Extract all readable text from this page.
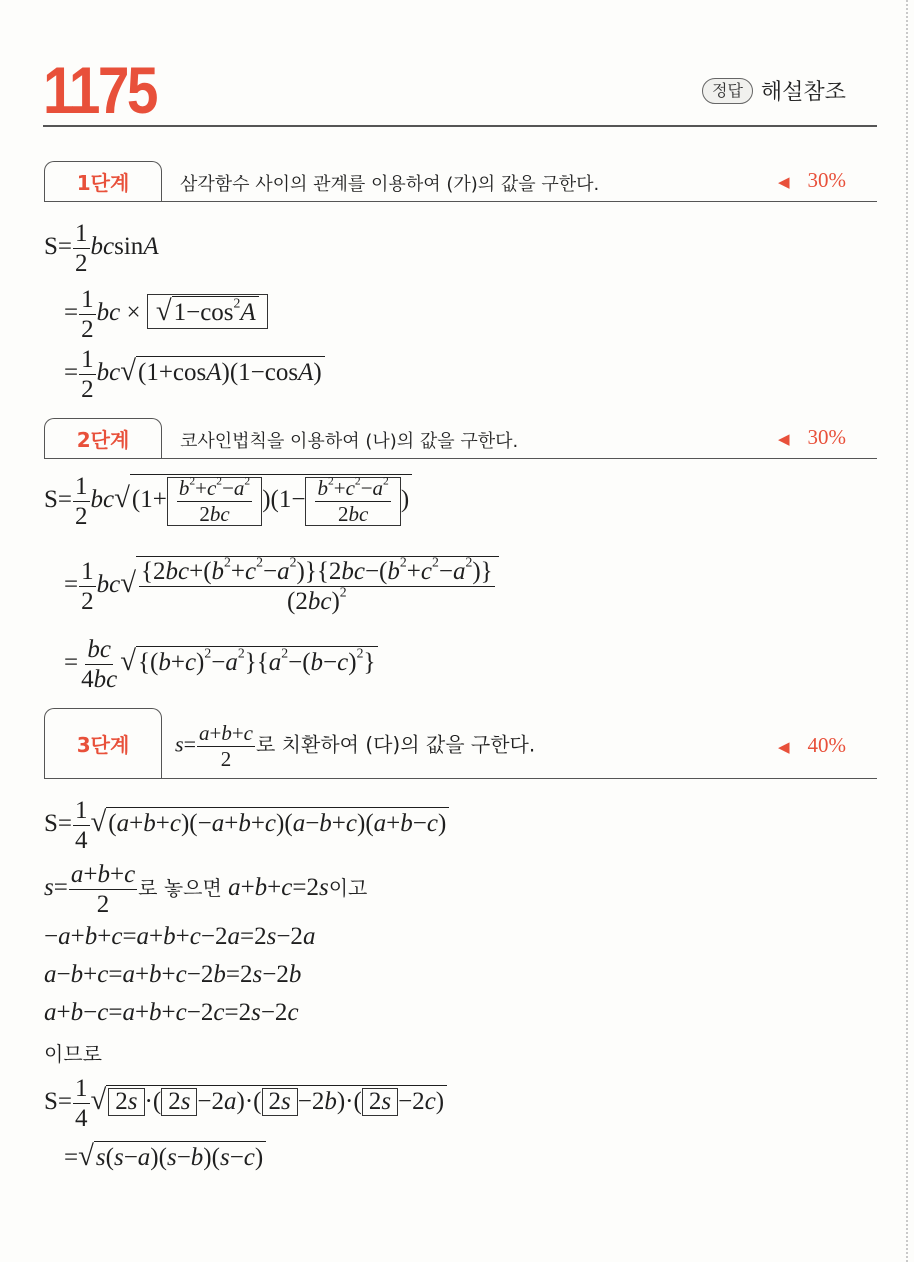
1175	정답 해설참조
1단계	삼각함수 사이의 관계를 이용하여 (가)의 값을 구한다.	◀ 30%
$S= \frac{1}{2}$ bcsinA
= $\frac{1}{2}$ bc × $√1-\cos^2A$
= $\frac{1}{2} bc√(1+\cos A)(1-\cos A)$
2단계	코사인법칙을 이용하여 (나)의 값을 구한다.	◀ 30%
$S= \frac{1}{2} bc√(1+ \frac{b^2+c^2-a^2}{2bc} )(1- \frac{b^2+c^2-a^2}{2bc}$ )
= $\frac{1}{2} bc√ \frac{\{2bc+(b^2+c^2-a^2)\}\{2bc-(b^2+c^2-a^2)\}}{(2bc)^2}$
= $\frac{bc}{4bc} √\{(b+c)^2-a^2\}\{a^2-(b-c)^2\}$
3단계	$s= \frac{a+b+c}{2}$ 로 치환하여 (다)의 값을 구한다.	◀ 40%
$S= \frac{1}{4} √(a+b+c)(-a+b+c)(a-b+c)(a+b-c)$
$s= \frac{a+b+c}{2}$ 로 놓으면 a+b+c=2s이고
−a+b+c=a+b+c−2a=2s−2a
a−b+c=a+b+c−2b=2s−2b
a+b−c=a+b+c−2c=2s−2c
이므로
$S= \frac{1}{4}$ √ 2s ·( 2s −2a)·( 2s −2b)·( 2s −2c)
=√s(s−a)(s−b)(s−c)
